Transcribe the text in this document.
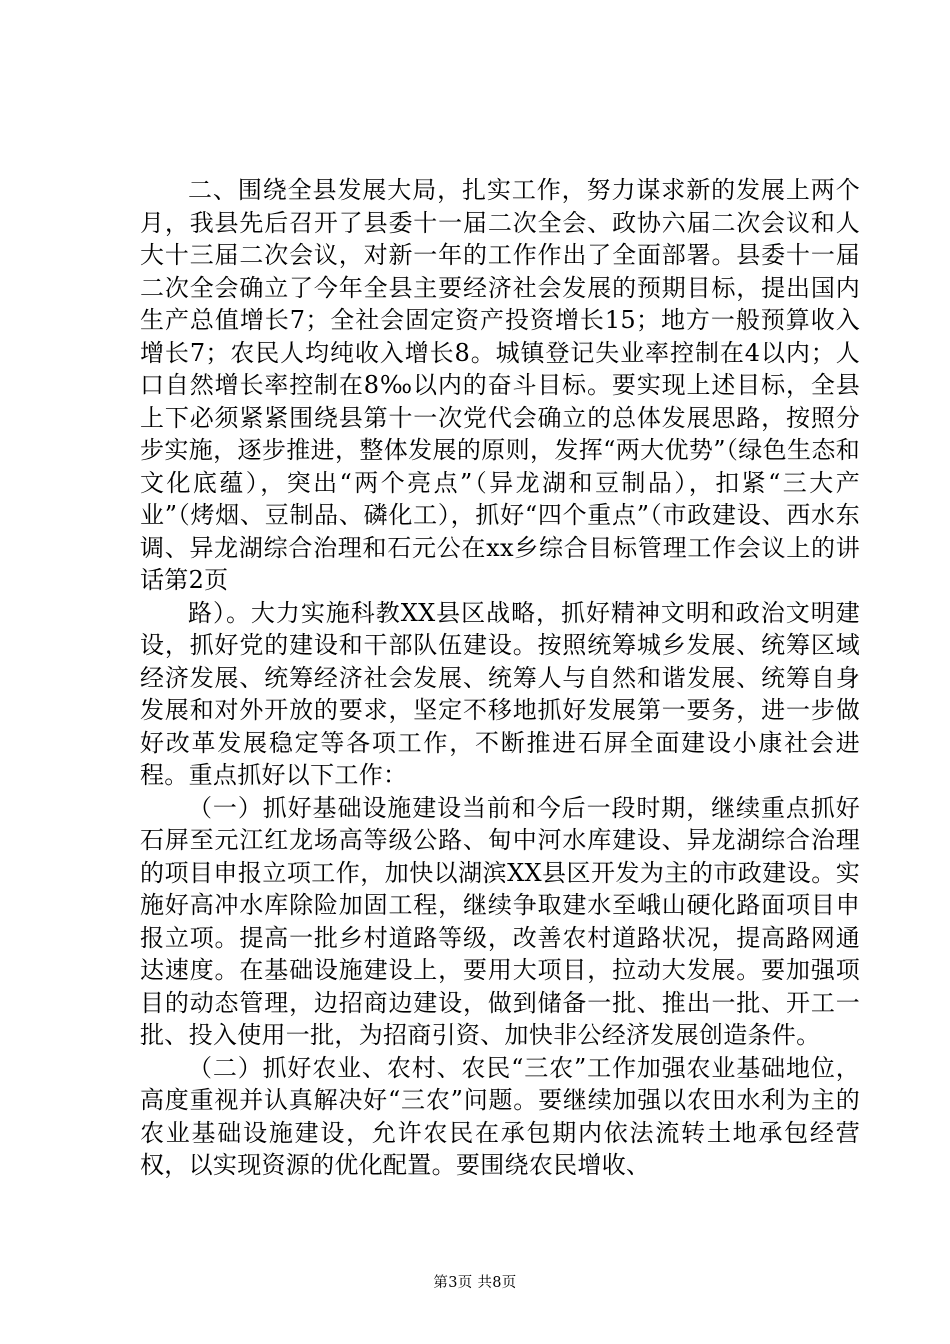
二、围绕全县发展大局，扎实工作，努力谋求新的发展上两个月，我县先后召开了县委十一届二次全会、政协六届二次会议和人大十三届二次会议，对新一年的工作作出了全面部署。县委十一届二次全会确立了今年全县主要经济社会发展的预期目标，提出国内生产总值增长7；全社会固定资产投资增长15；地方一般预算收入增长7；农民人均纯收入增长8。城镇登记失业率控制在4以内；人口自然增长率控制在8‰以内的奋斗目标。要实现上述目标，全县上下必须紧紧围绕县第十一次党代会确立的总体发展思路，按照分步实施，逐步推进，整体发展的原则，发挥“两大优势”（绿色生态和文化底蕴），突出“两个亮点”（异龙湖和豆制品），扣紧“三大产业”（烤烟、豆制品、磷化工），抓好“四个重点”（市政建设、西水东调、异龙湖综合治理和石元公在xx乡综合目标管理工作会议上的讲话第2页

路）。大力实施科教XX县区战略，抓好精神文明和政治文明建设，抓好党的建设和干部队伍建设。按照统筹城乡发展、统筹区域经济发展、统筹经济社会发展、统筹人与自然和谐发展、统筹自身发展和对外开放的要求，坚定不移地抓好发展第一要务，进一步做好改革发展稳定等各项工作，不断推进石屏全面建设小康社会进程。重点抓好以下工作：

（一）抓好基础设施建设当前和今后一段时期，继续重点抓好石屏至元江红龙场高等级公路、甸中河水库建设、异龙湖综合治理的项目申报立项工作，加快以湖滨XX县区开发为主的市政建设。实施好高冲水库除险加固工程，继续争取建水至峨山硬化路面项目申报立项。提高一批乡村道路等级，改善农村道路状况，提高路网通达速度。在基础设施建设上，要用大项目，拉动大发展。要加强项目的动态管理，边招商边建设，做到储备一批、推出一批、开工一批、投入使用一批，为招商引资、加快非公经济发展创造条件。

（二）抓好农业、农村、农民“三农”工作加强农业基础地位，高度重视并认真解决好“三农”问题。要继续加强以农田水利为主的农业基础设施建设，允许农民在承包期内依法流转土地承包经营权，以实现资源的优化配置。要围绕农民增收、

第3页 共8页
